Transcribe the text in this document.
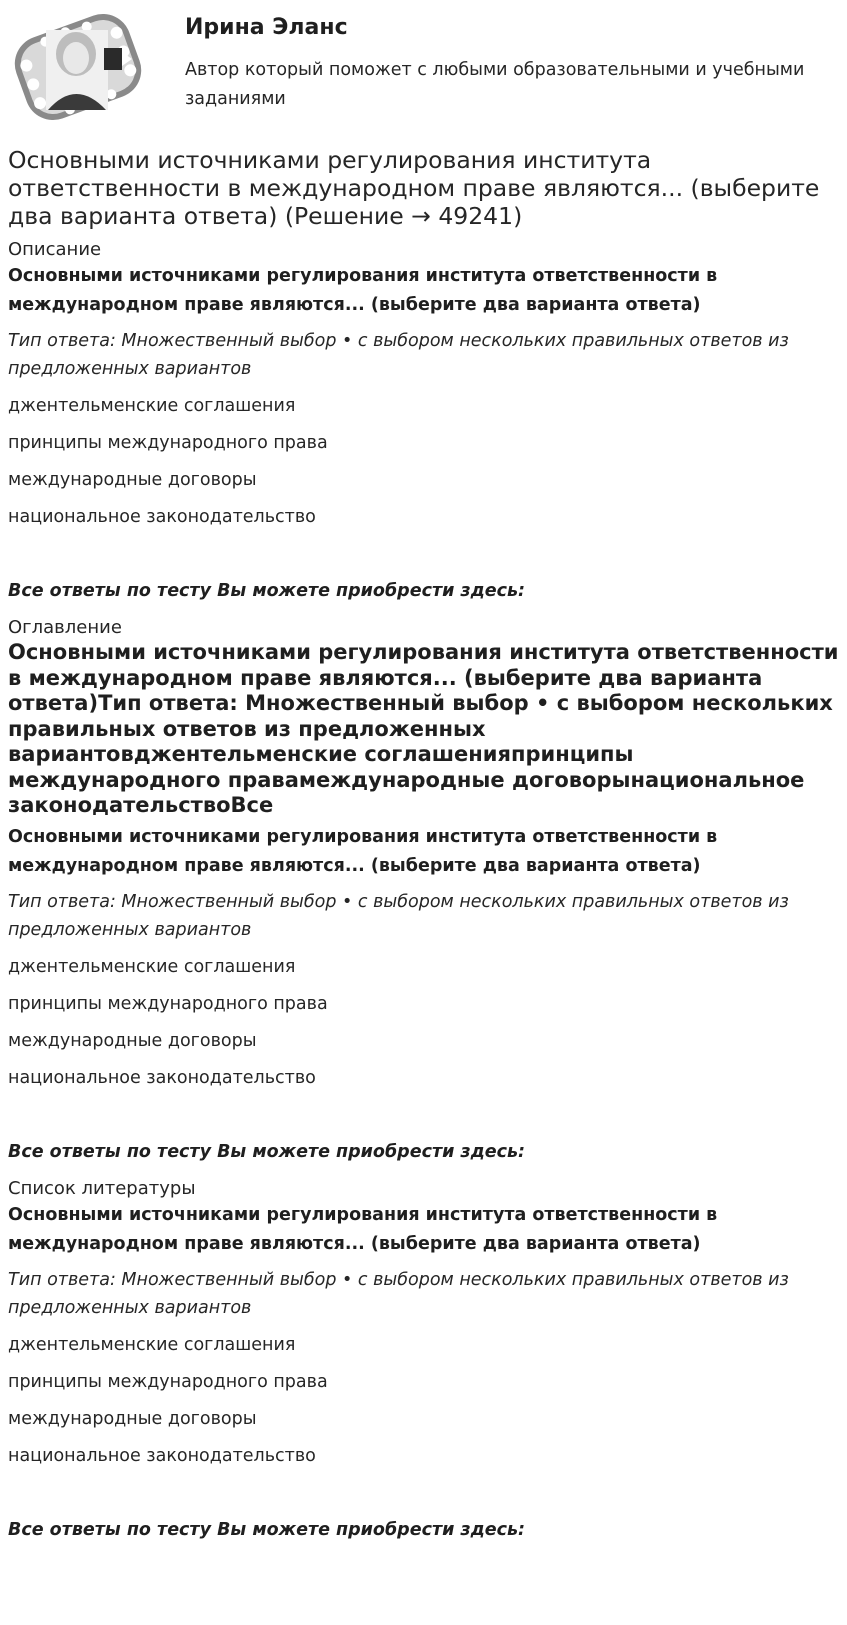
Ирина Эланс

Автор который поможет с любыми образовательными и учебными заданиями

Основными источниками регулирования института ответственности в международном праве являются... (выберите два варианта ответа) (Решение → 49241)

Описание

Основными источниками регулирования института ответственности в международном праве являются... (выберите два варианта ответа)

Тип ответа: Множественный выбор • с выбором нескольких правильных ответов из предложенных вариантов

джентельменские соглашения

принципы международного права

международные договоры

национальное законодательство

Все ответы по тесту Вы можете приобрести здесь:

Оглавление

Основными источниками регулирования института ответственности в международном праве являются... (выберите два варианта ответа)Тип ответа: Множественный выбор • с выбором нескольких правильных ответов из предложенных вариантовджентельменские соглашенияпринципы международного правамеждународные договорынациональное законодательствоВсе

Основными источниками регулирования института ответственности в международном праве являются... (выберите два варианта ответа)

Тип ответа: Множественный выбор • с выбором нескольких правильных ответов из предложенных вариантов

джентельменские соглашения

принципы международного права

международные договоры

национальное законодательство

Все ответы по тесту Вы можете приобрести здесь:

Список литературы

Основными источниками регулирования института ответственности в международном праве являются... (выберите два варианта ответа)

Тип ответа: Множественный выбор • с выбором нескольких правильных ответов из предложенных вариантов

джентельменские соглашения

принципы международного права

международные договоры

национальное законодательство

Все ответы по тесту Вы можете приобрести здесь:
